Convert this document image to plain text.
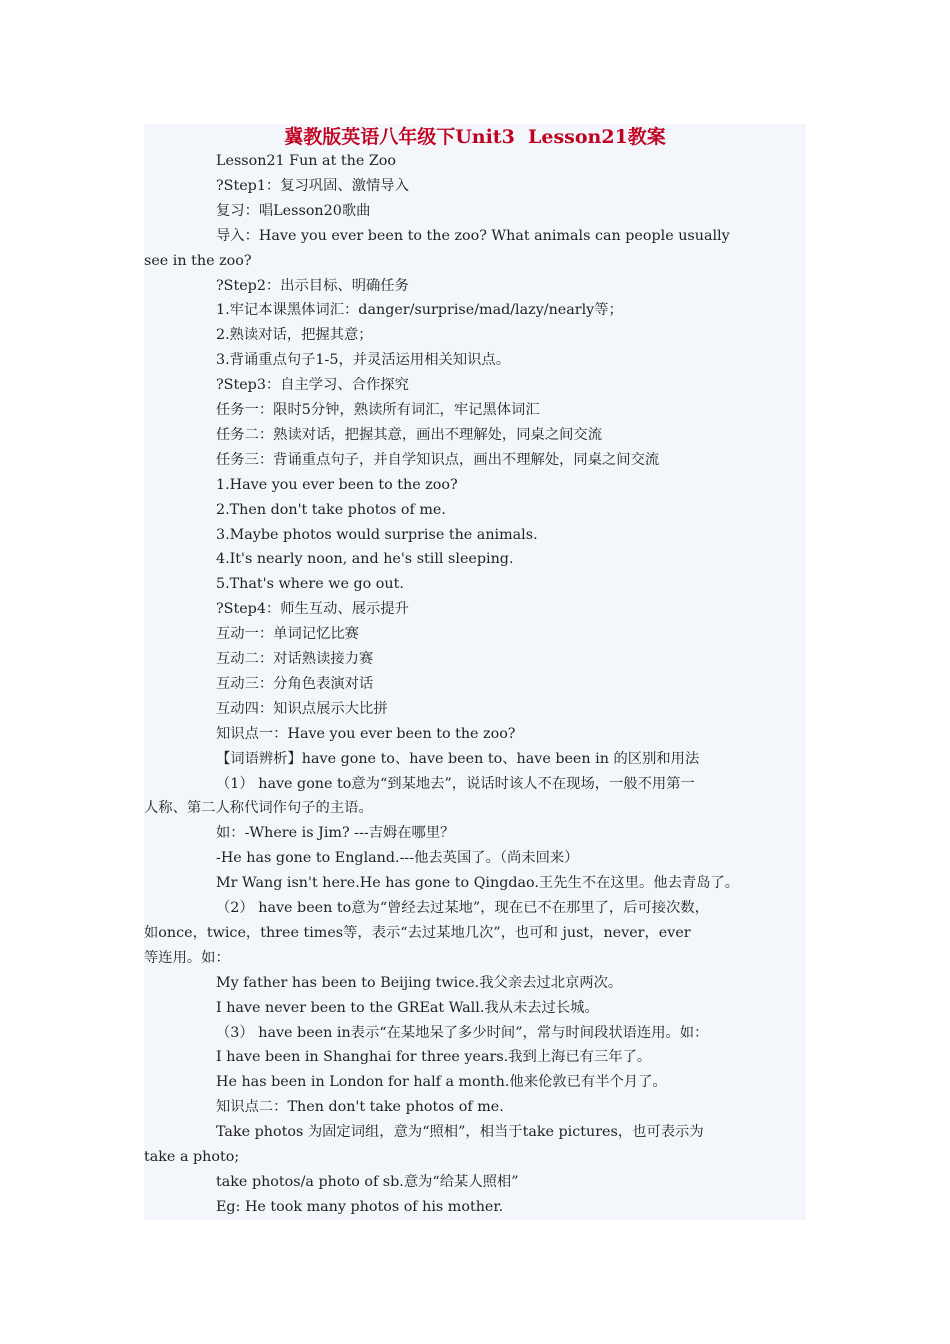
冀教版英语八年级下Unit3  Lesson21教案
Lesson21 Fun at the Zoo
?Step1：复习巩固、激情导入
复习：唱Lesson20歌曲
导入：Have you ever been to the zoo? What animals can people usually
see in the zoo?
?Step2：出示目标、明确任务
1.牢记本课黑体词汇：danger/surprise/mad/lazy/nearly等；
2.熟读对话，把握其意；
3.背诵重点句子1-5，并灵活运用相关知识点。
?Step3：自主学习、合作探究
任务一：限时5分钟，熟读所有词汇，牢记黑体词汇
任务二：熟读对话，把握其意，画出不理解处，同桌之间交流
任务三：背诵重点句子，并自学知识点，画出不理解处，同桌之间交流
1.Have you ever been to the zoo?
2.Then don't take photos of me.
3.Maybe photos would surprise the animals.
4.It's nearly noon, and he's still sleeping.
5.That's where we go out.
?Step4：师生互动、展示提升
互动一：单词记忆比赛
互动二：对话熟读接力赛
互动三：分角色表演对话
互动四：知识点展示大比拼
知识点一：Have you ever been to the zoo?
【词语辨析】have gone to、have been to、have been in 的区别和用法
（1） have gone to意为“到某地去”，说话时该人不在现场，一般不用第一
人称、第二人称代词作句子的主语。
如：-Where is Jim? ---吉姆在哪里？
-He has gone to England.---他去英国了。（尚未回来）
Mr Wang isn't here.He has gone to Qingdao.王先生不在这里。他去青岛了。
（2） have been to意为“曾经去过某地”，现在已不在那里了，后可接次数，
如once，twice，three times等，表示“去过某地几次”，也可和 just，never，ever
等连用。如：
My father has been to Beijing twice.我父亲去过北京两次。
I have never been to the GREat Wall.我从未去过长城。
（3） have been in表示“在某地呆了多少时间”，常与时间段状语连用。如：
I have been in Shanghai for three years.我到上海已有三年了。
He has been in London for half a month.他来伦敦已有半个月了。
知识点二：Then don't take photos of me.
Take photos 为固定词组，意为“照相”，相当于take pictures，也可表示为
take a photo;
take photos/a photo of sb.意为“给某人照相”
Eg: He took many photos of his mother.
